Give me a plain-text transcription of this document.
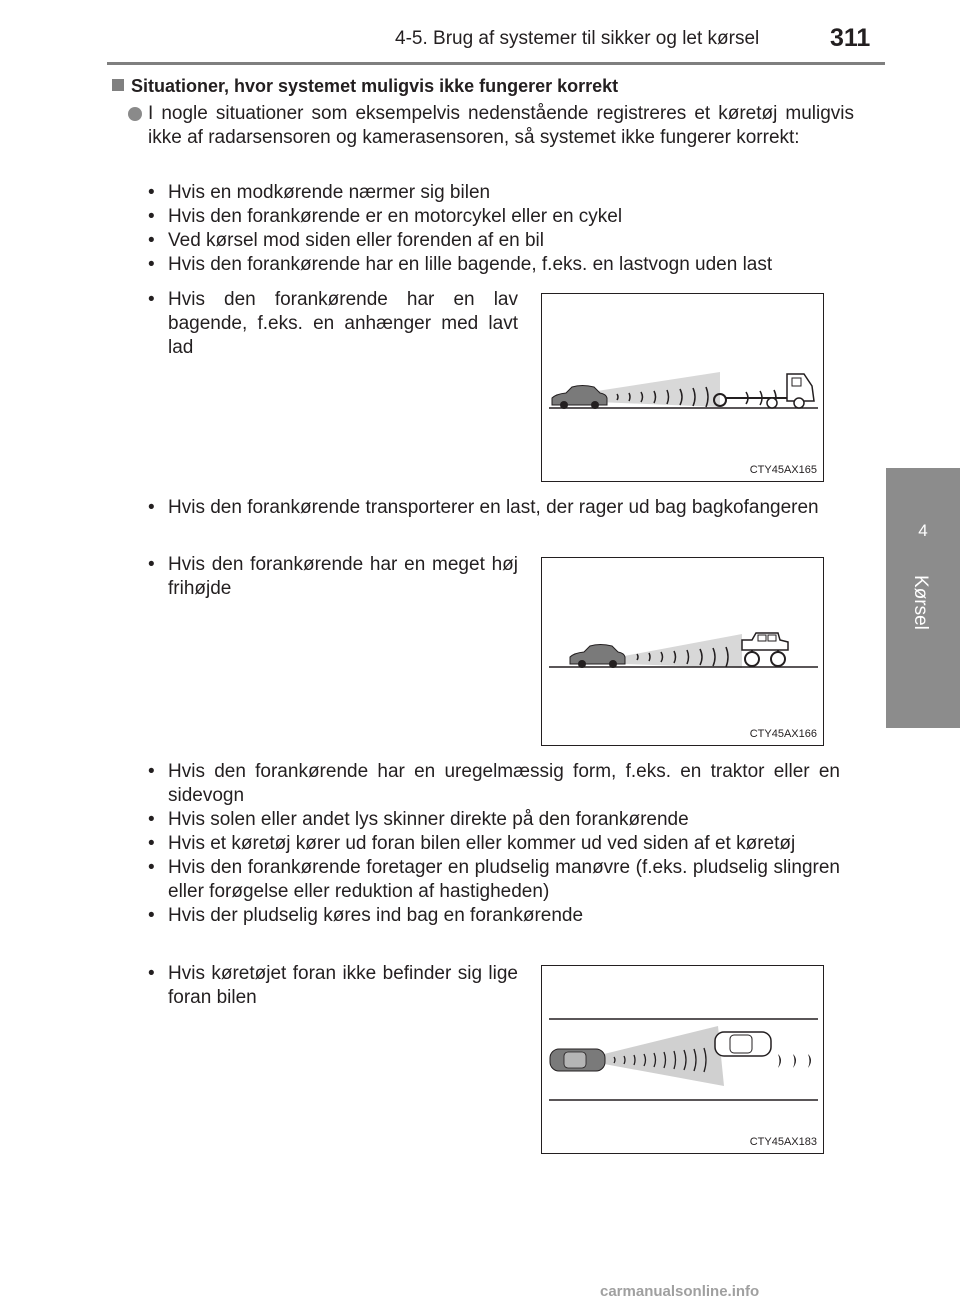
4-5. Brug af systemer til sikker og let kørsel	311
4
Kørsel
Situationer, hvor systemet muligvis ikke fungerer korrekt
I nogle situationer som eksempelvis nedenstående registreres et køretøj muligvis ikke af radarsensoren og kamerasensoren, så systemet ikke fungerer korrekt:
• Hvis en modkørende nærmer sig bilen
• Hvis den forankørende er en motorcykel eller en cykel
• Ved kørsel mod siden eller forenden af en bil
• Hvis den forankørende har en lille bagende, f.eks. en lastvogn uden last
• Hvis den forankørende har en lav bagende, f.eks. en anhænger med lavt lad
CTY45AX165
• Hvis den forankørende transporterer en last, der rager ud bag bagkofangeren
• Hvis den forankørende har en meget høj frihøjde
CTY45AX166
• Hvis den forankørende har en uregelmæssig form, f.eks. en traktor eller en sidevogn
• Hvis solen eller andet lys skinner direkte på den forankørende
• Hvis et køretøj kører ud foran bilen eller kommer ud ved siden af et køretøj
• Hvis den forankørende foretager en pludselig manøvre (f.eks. pludselig slingren eller forøgelse eller reduktion af hastigheden)
• Hvis der pludselig køres ind bag en forankørende
• Hvis køretøjet foran ikke befinder sig lige foran bilen
CTY45AX183
carmanualsonline.info
